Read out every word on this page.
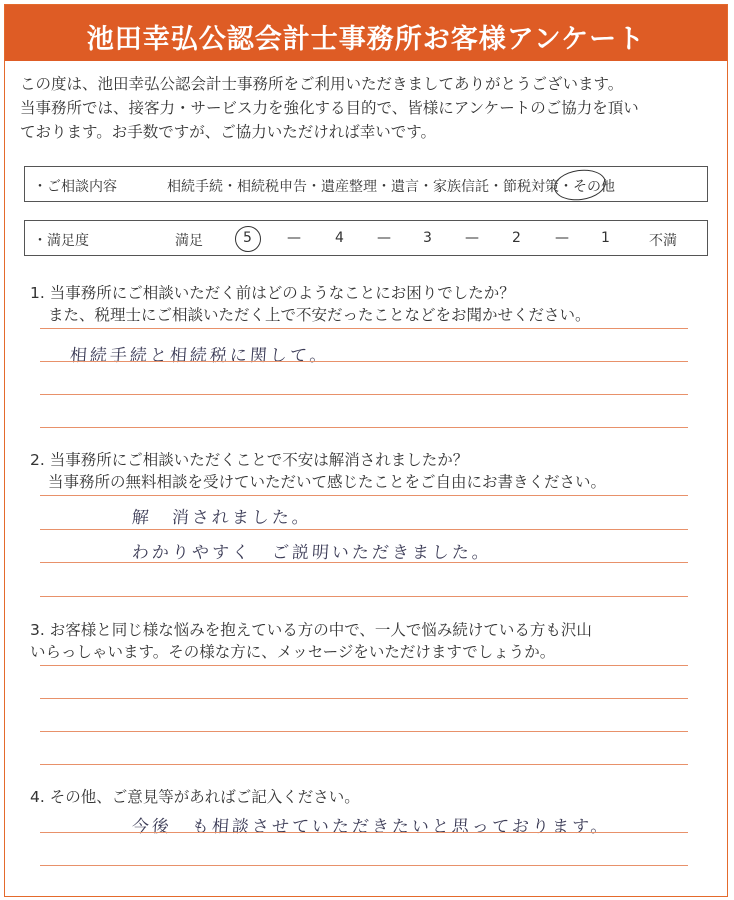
池田幸弘公認会計士事務所お客様アンケート
この度は、池田幸弘公認会計士事務所をご利用いただきましてありがとうございます。
当事務所では、接客力・サービス力を強化する目的で、皆様にアンケートのご協力を頂い
ております。お手数ですが、ご協力いただければ幸いです。
・ご相談内容	相続手続・相続税申告・遺産整理・遺言・家族信託・節税対策・その他
・満足度	満足	5	— 4 — 3 — 2 — 1	不満
1. 当事務所にご相談いただく前はどのようなことにお困りでしたか？
また、税理士にご相談いただく上で不安だったことなどをお聞かせください。
相続手続と相続税に関して。
2. 当事務所にご相談いただくことで不安は解消されましたか？
当事務所の無料相談を受けていただいて感じたことをご自由にお書きください。
解　消されました。
わかりやすく　ご説明いただきました。
3. お客様と同じ様な悩みを抱えている方の中で、一人で悩み続けている方も沢山
いらっしゃいます。その様な方に、メッセージをいただけますでしょうか。
4. その他、ご意見等があればご記入ください。
今後　も相談させていただきたいと思っております。
